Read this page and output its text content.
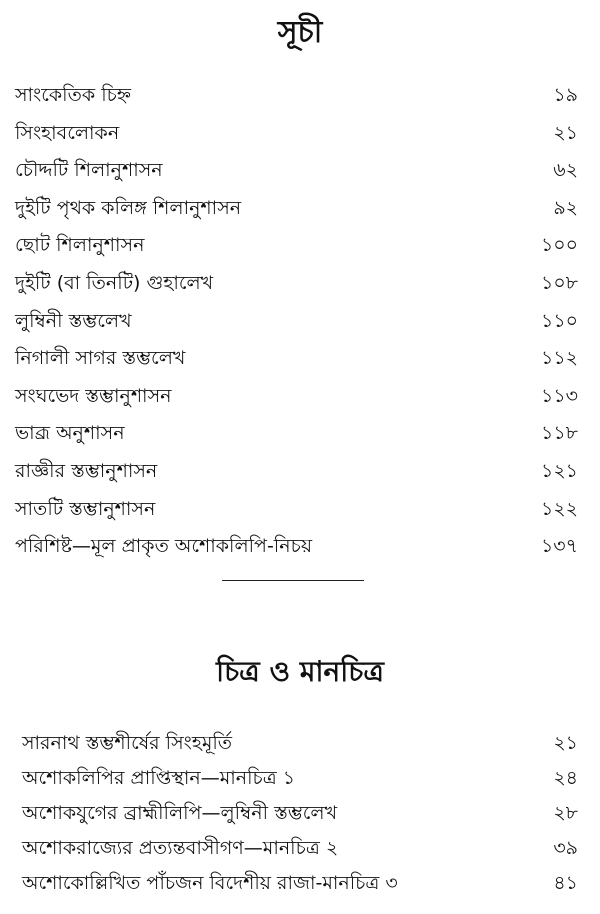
সূচী
সাংকেতিক চিহ্ন	১৯
সিংহাবলোকন	২১
চৌদ্দটি শিলানুশাসন	৬২
দুইটি পৃথক কলিঙ্গ শিলানুশাসন	৯২
ছোট শিলানুশাসন	১০০
দুইটি (বা তিনটি) গুহালেখ	১০৮
লুম্বিনী স্তম্ভলেখ	১১০
নিগালী সাগর স্তম্ভলেখ	১১২
সংঘভেদ স্তম্ভানুশাসন	১১৩
ভাব্রূ অনুশাসন	১১৮
রাজ্ঞীর স্তম্ভানুশাসন	১২১
সাতটি স্তম্ভানুশাসন	১২২
পরিশিষ্ট—মূল প্রাকৃত অশোকলিপি-নিচয়	১৩৭
চিত্র ও মানচিত্র
সারনাথ স্তম্ভশীর্ষের সিংহমূর্তি	২১
অশোকলিপির প্রাপ্তিস্থান—মানচিত্র ১	২৪
অশোকযুগের ব্রাহ্মীলিপি—লুম্বিনী স্তম্ভলেখ	২৮
অশোকরাজ্যের প্রত্যন্তবাসীগণ—মানচিত্র ২	৩৯
অশোকোল্লিখিত পাঁচজন বিদেশীয় রাজা-মানচিত্র ৩	৪১
